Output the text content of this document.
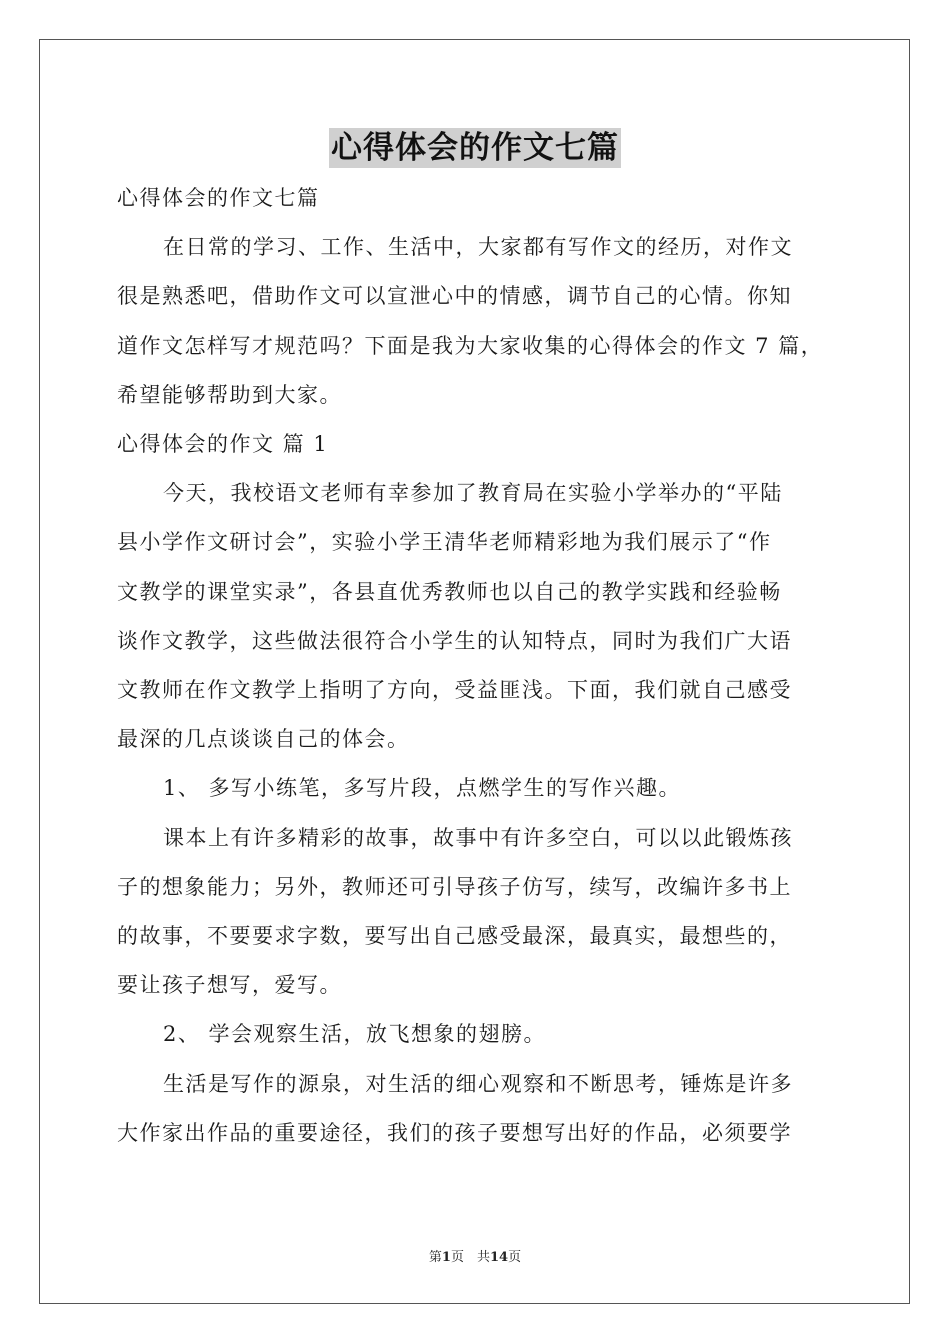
心得体会的作文七篇
心得体会的作文七篇
在日常的学习、工作、生活中，大家都有写作文的经历，对作文
很是熟悉吧，借助作文可以宣泄心中的情感，调节自己的心情。你知
道作文怎样写才规范吗？下面是我为大家收集的心得体会的作文 7 篇，
希望能够帮助到大家。
心得体会的作文 篇 1
今天，我校语文老师有幸参加了教育局在实验小学举办的“平陆
县小学作文研讨会”，实验小学王清华老师精彩地为我们展示了“作
文教学的课堂实录”，各县直优秀教师也以自己的教学实践和经验畅
谈作文教学，这些做法很符合小学生的认知特点，同时为我们广大语
文教师在作文教学上指明了方向，受益匪浅。下面，我们就自己感受
最深的几点谈谈自己的体会。
1、 多写小练笔，多写片段，点燃学生的写作兴趣。
课本上有许多精彩的故事，故事中有许多空白，可以以此锻炼孩
子的想象能力；另外，教师还可引导孩子仿写，续写，改编许多书上
的故事，不要要求字数，要写出自己感受最深，最真实，最想些的，
要让孩子想写，爱写。
2、 学会观察生活，放飞想象的翅膀。
生活是写作的源泉，对生活的细心观察和不断思考，锤炼是许多
大作家出作品的重要途径，我们的孩子要想写出好的作品，必须要学
第1页　共14页
